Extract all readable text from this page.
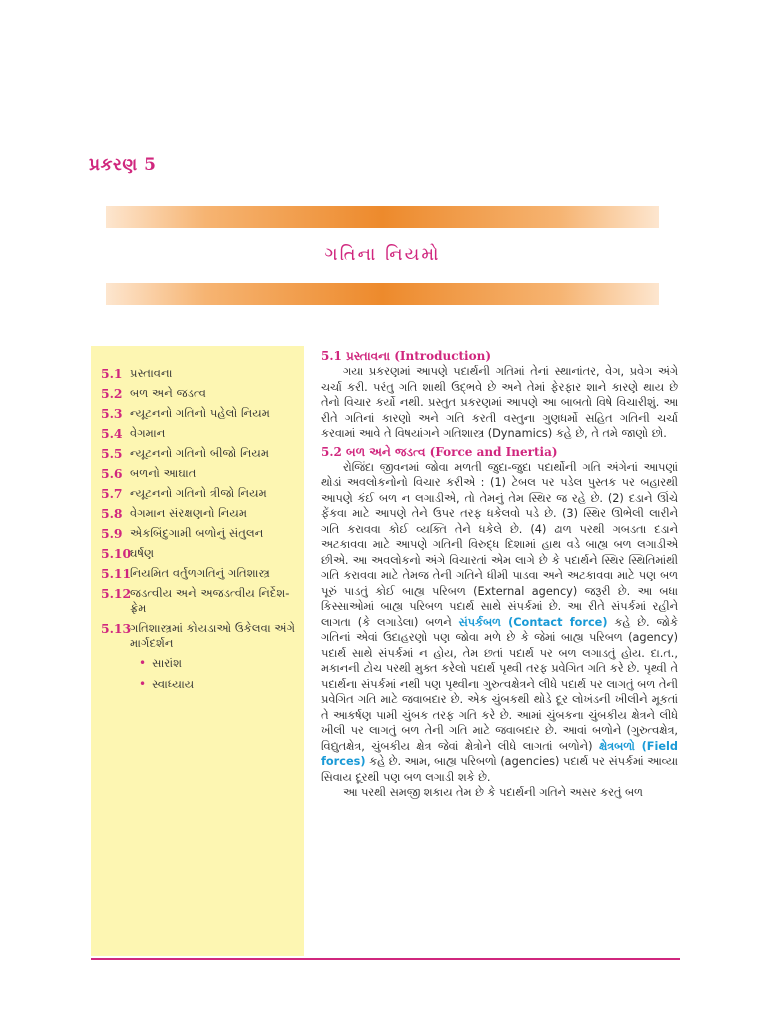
પ્રકરણ 5
ગતિના નિયમો
5.1 પ્રસ્તાવના
5.2 બળ અને જડત્વ
5.3 ન્યૂટનનો ગતિનો પહેલો નિયમ
5.4 વેગમાન
5.5 ન્યૂટનનો ગતિનો બીજો નિયમ
5.6 બળનો આઘાત
5.7 ન્યૂટનનો ગતિનો ત્રીજો નિયમ
5.8 વેગમાન સંરક્ષણનો નિયમ
5.9 એકબિંદુગામી બળોનું સંતુલન
5.10
ઘર્ષણ
5.11
નિયમિત વર્તુળગતિનું ગતિશાસ્ત્ર
5.12
જડત્વીય અને અજડત્વીય નિર્દેશ-ફ્રેમ
5.13
ગતિશાસ્ત્રમાં કોયડાઓ ઉકેલવા અંગે માર્ગદર્શન
• સારાંશ
• સ્વાધ્યાય
5.1 પ્રસ્તાવના (Introduction)

ગયા પ્રકરણમાં આપણે પદાર્થની ગતિમાં તેનાં સ્થાનાંતર, વેગ, પ્રવેગ અંગે ચર્ચા કરી. પરંતુ ગતિ શાથી ઉદ્ભવે છે અને તેમાં ફેરફાર શાને કારણે થાય છે તેનો વિચાર કર્યો નથી. પ્રસ્તુત પ્રકરણમાં આપણે આ બાબતો વિષે વિચારીશું. આ રીતે ગતિનાં કારણો અને ગતિ કરતી વસ્તુના ગુણધર્મો સહિત ગતિની ચર્ચા કરવામાં આવે તે વિષયાંગને ગતિશાસ્ત્ર (Dynamics) કહે છે, તે તમે જાણો છો.

5.2 બળ અને જડત્વ (Force and Inertia)

રોજિંદા જીવનમાં જોવા મળતી જુદા-જુદા પદાર્થોની ગતિ અંગેનાં આપણાં થોડાં અવલોકનોનો વિચાર કરીએ : (1) ટેબલ પર પડેલ પુસ્તક પર બહારથી આપણે કંઈ બળ ન લગાડીએ, તો તેમનું તેમ સ્થિર જ રહે છે. (2) દડાને ઊંચે ફેંકવા માટે આપણે તેને ઉપર તરફ ધકેલવો પડે છે. (3) સ્થિર ઊભેલી લારીને ગતિ કરાવવા કોઈ વ્યક્તિ તેને ધકેલે છે. (4) ઢાળ પરથી ગબડતા દડાને અટકાવવા માટે આપણે ગતિની વિરુદ્ધ દિશામાં હાથ વડે બાહ્ય બળ લગાડીએ છીએ. આ અવલોકનો અંગે વિચારતાં એમ લાગે છે કે પદાર્થને સ્થિર સ્થિતિમાંથી ગતિ કરાવવા માટે તેમજ તેની ગતિને ધીમી પાડવા અને અટકાવવા માટે પણ બળ પૂરું પાડતું કોઈ બાહ્ય પરિબળ (External agency) જરૂરી છે. આ બધા કિસ્સાઓમાં બાહ્ય પરિબળ પદાર્થ સાથે સંપર્કમાં છે. આ રીતે સંપર્કમાં રહીને લાગતા (કે લગાડેલા) બળને સંપર્કબળ (Contact force) કહે છે. જોકે ગતિનાં એવાં ઉદાહરણો પણ જોવા મળે છે કે જેમાં બાહ્ય પરિબળ (agency) પદાર્થ સાથે સંપર્કમાં ન હોય, તેમ છતાં પદાર્થ પર બળ લગાડતું હોય. દા.ત., મકાનની ટોચ પરથી મુક્ત કરેલો પદાર્થ પૃથ્વી તરફ પ્રવેગિત ગતિ કરે છે. પૃથ્વી તે પદાર્થના સંપર્કમાં નથી પણ પૃથ્વીના ગુરુત્વક્ષેત્રને લીધે પદાર્થ પર લાગતું બળ તેની પ્રવેગિત ગતિ માટે જવાબદાર છે. એક ચુંબકથી થોડે દૂર લોખંડની ખીલીને મૂકતાં તે આકર્ષણ પામી ચુંબક તરફ ગતિ કરે છે. આમાં ચુંબકના ચુંબકીય ક્ષેત્રને લીધે ખીલી પર લાગતું બળ તેની ગતિ માટે જવાબદાર છે. આવાં બળોને (ગુરુત્વક્ષેત્ર, વિદ્યુતક્ષેત્ર, ચુંબકીય ક્ષેત્ર જેવાં ક્ષેત્રોને લીધે લાગતાં બળોને) ક્ષેત્રબળો (Field forces) કહે છે. આમ, બાહ્ય પરિબળો (agencies) પદાર્થ પર સંપર્કમાં આવ્યા સિવાય દૂરથી પણ બળ લગાડી શકે છે.

આ પરથી સમજી શકાય તેમ છે કે પદાર્થની ગતિને અસર કરતું બળ
